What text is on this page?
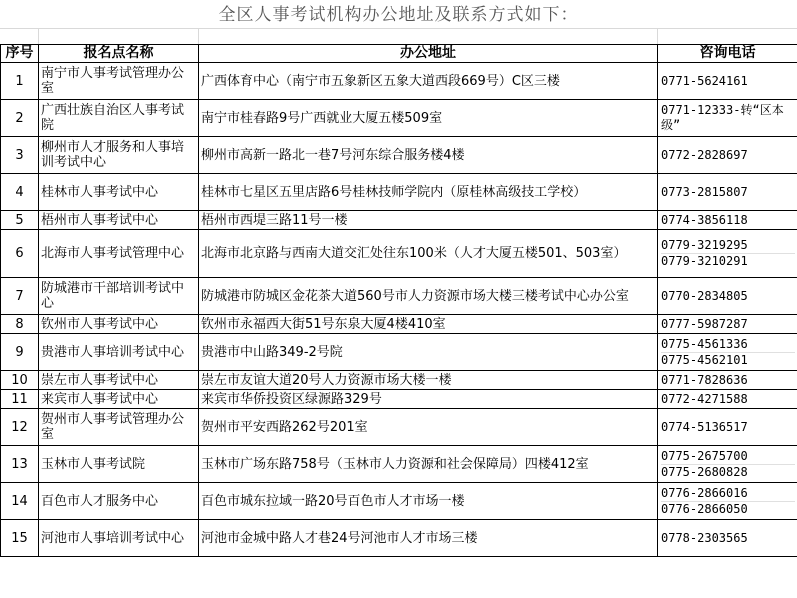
全区人事考试机构办公地址及联系方式如下：
序号	报名点名称	办公地址	咨询电话
1	南宁市人事考试管理办公室	广西体育中心（南宁市五象新区五象大道西段669号）C区三楼	0771-5624161

2	广西壮族自治区人事考试院	南宁市桂春路9号广西就业大厦五楼509室	0771-12333-转“区本级”

3	柳州市人才服务和人事培训考试中心	柳州市高新一路北一巷7号河东综合服务楼4楼	0772-2828697

4	桂林市人事考试中心	桂林市七星区五里店路6号桂林技师学院内（原桂林高级技工学校）	0773-2815807

5	梧州市人事考试中心	梧州市西堤三路11号一楼	0774-3856118

6	北海市人事考试管理中心	北海市北京路与西南大道交汇处往东100米（人才大厦五楼501、503室）	0779-3219295
0779-3210291

7	防城港市干部培训考试中心	防城港市防城区金花茶大道560号市人力资源市场大楼三楼考试中心办公室	0770-2834805

8	钦州市人事考试中心	钦州市永福西大街51号东泉大厦4楼410室	0777-5987287

9	贵港市人事培训考试中心	贵港市中山路349-2号院	0775-4561336
0775-4562101

10	崇左市人事考试中心	崇左市友谊大道20号人力资源市场大楼一楼	0771-7828636

11	来宾市人事考试中心	来宾市华侨投资区绿源路329号	0772-4271588

12	贺州市人事考试管理办公室	贺州市平安西路262号201室	0774-5136517

13	玉林市人事考试院	玉林市广场东路758号（玉林市人力资源和社会保障局）四楼412室	0775-2675700
0775-2680828

14	百色市人才服务中心	百色市城东拉域一路20号百色市人才市场一楼	0776-2866016
0776-2866050

15	河池市人事培训考试中心	河池市金城中路人才巷24号河池市人才市场三楼	0778-2303565
